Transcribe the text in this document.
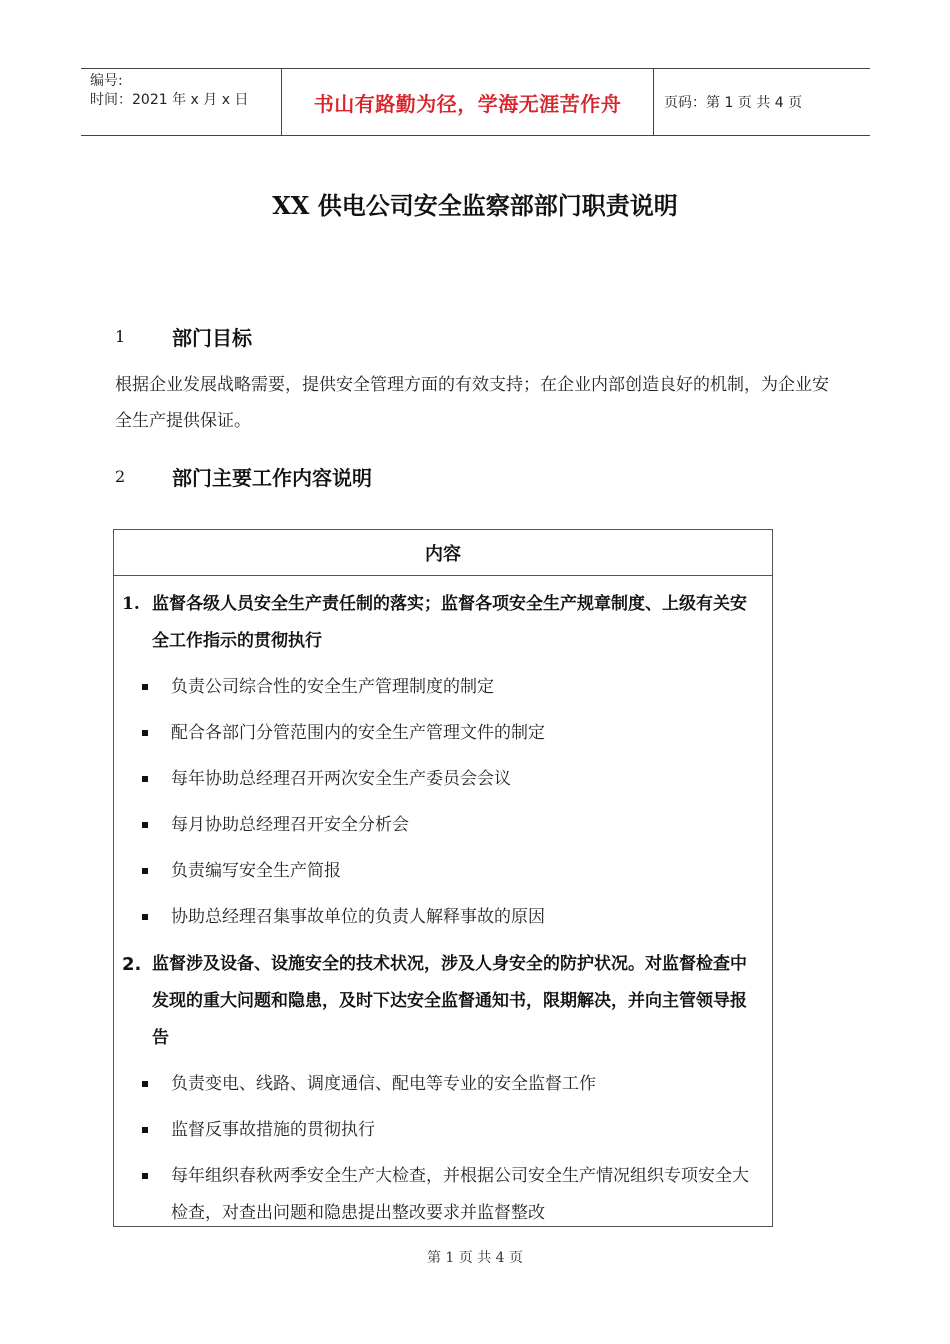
编号:
时间：2021 年 x 月 x 日	书山有路勤为径，学海无涯苦作舟	页码：第 1 页 共 4 页
XX 供电公司安全监察部部门职责说明
1	部门目标
根据企业发展战略需要，提供安全管理方面的有效支持；在企业内部创造良好的机制，为企业安全生产提供保证。
2	部门主要工作内容说明
内容
1. 监督各级人员安全生产责任制的落实；监督各项安全生产规章制度、上级有关安全工作指示的贯彻执行
负责公司综合性的安全生产管理制度的制定
配合各部门分管范围内的安全生产管理文件的制定
每年协助总经理召开两次安全生产委员会会议
每月协助总经理召开安全分析会
负责编写安全生产简报
协助总经理召集事故单位的负责人解释事故的原因
2. 监督涉及设备、设施安全的技术状况，涉及人身安全的防护状况。对监督检查中发现的重大问题和隐患，及时下达安全监督通知书，限期解决，并向主管领导报告
负责变电、线路、调度通信、配电等专业的安全监督工作
监督反事故措施的贯彻执行
每年组织春秋两季安全生产大检查，并根据公司安全生产情况组织专项安全大检查，对查出问题和隐患提出整改要求并监督整改
第 1 页 共 4 页
